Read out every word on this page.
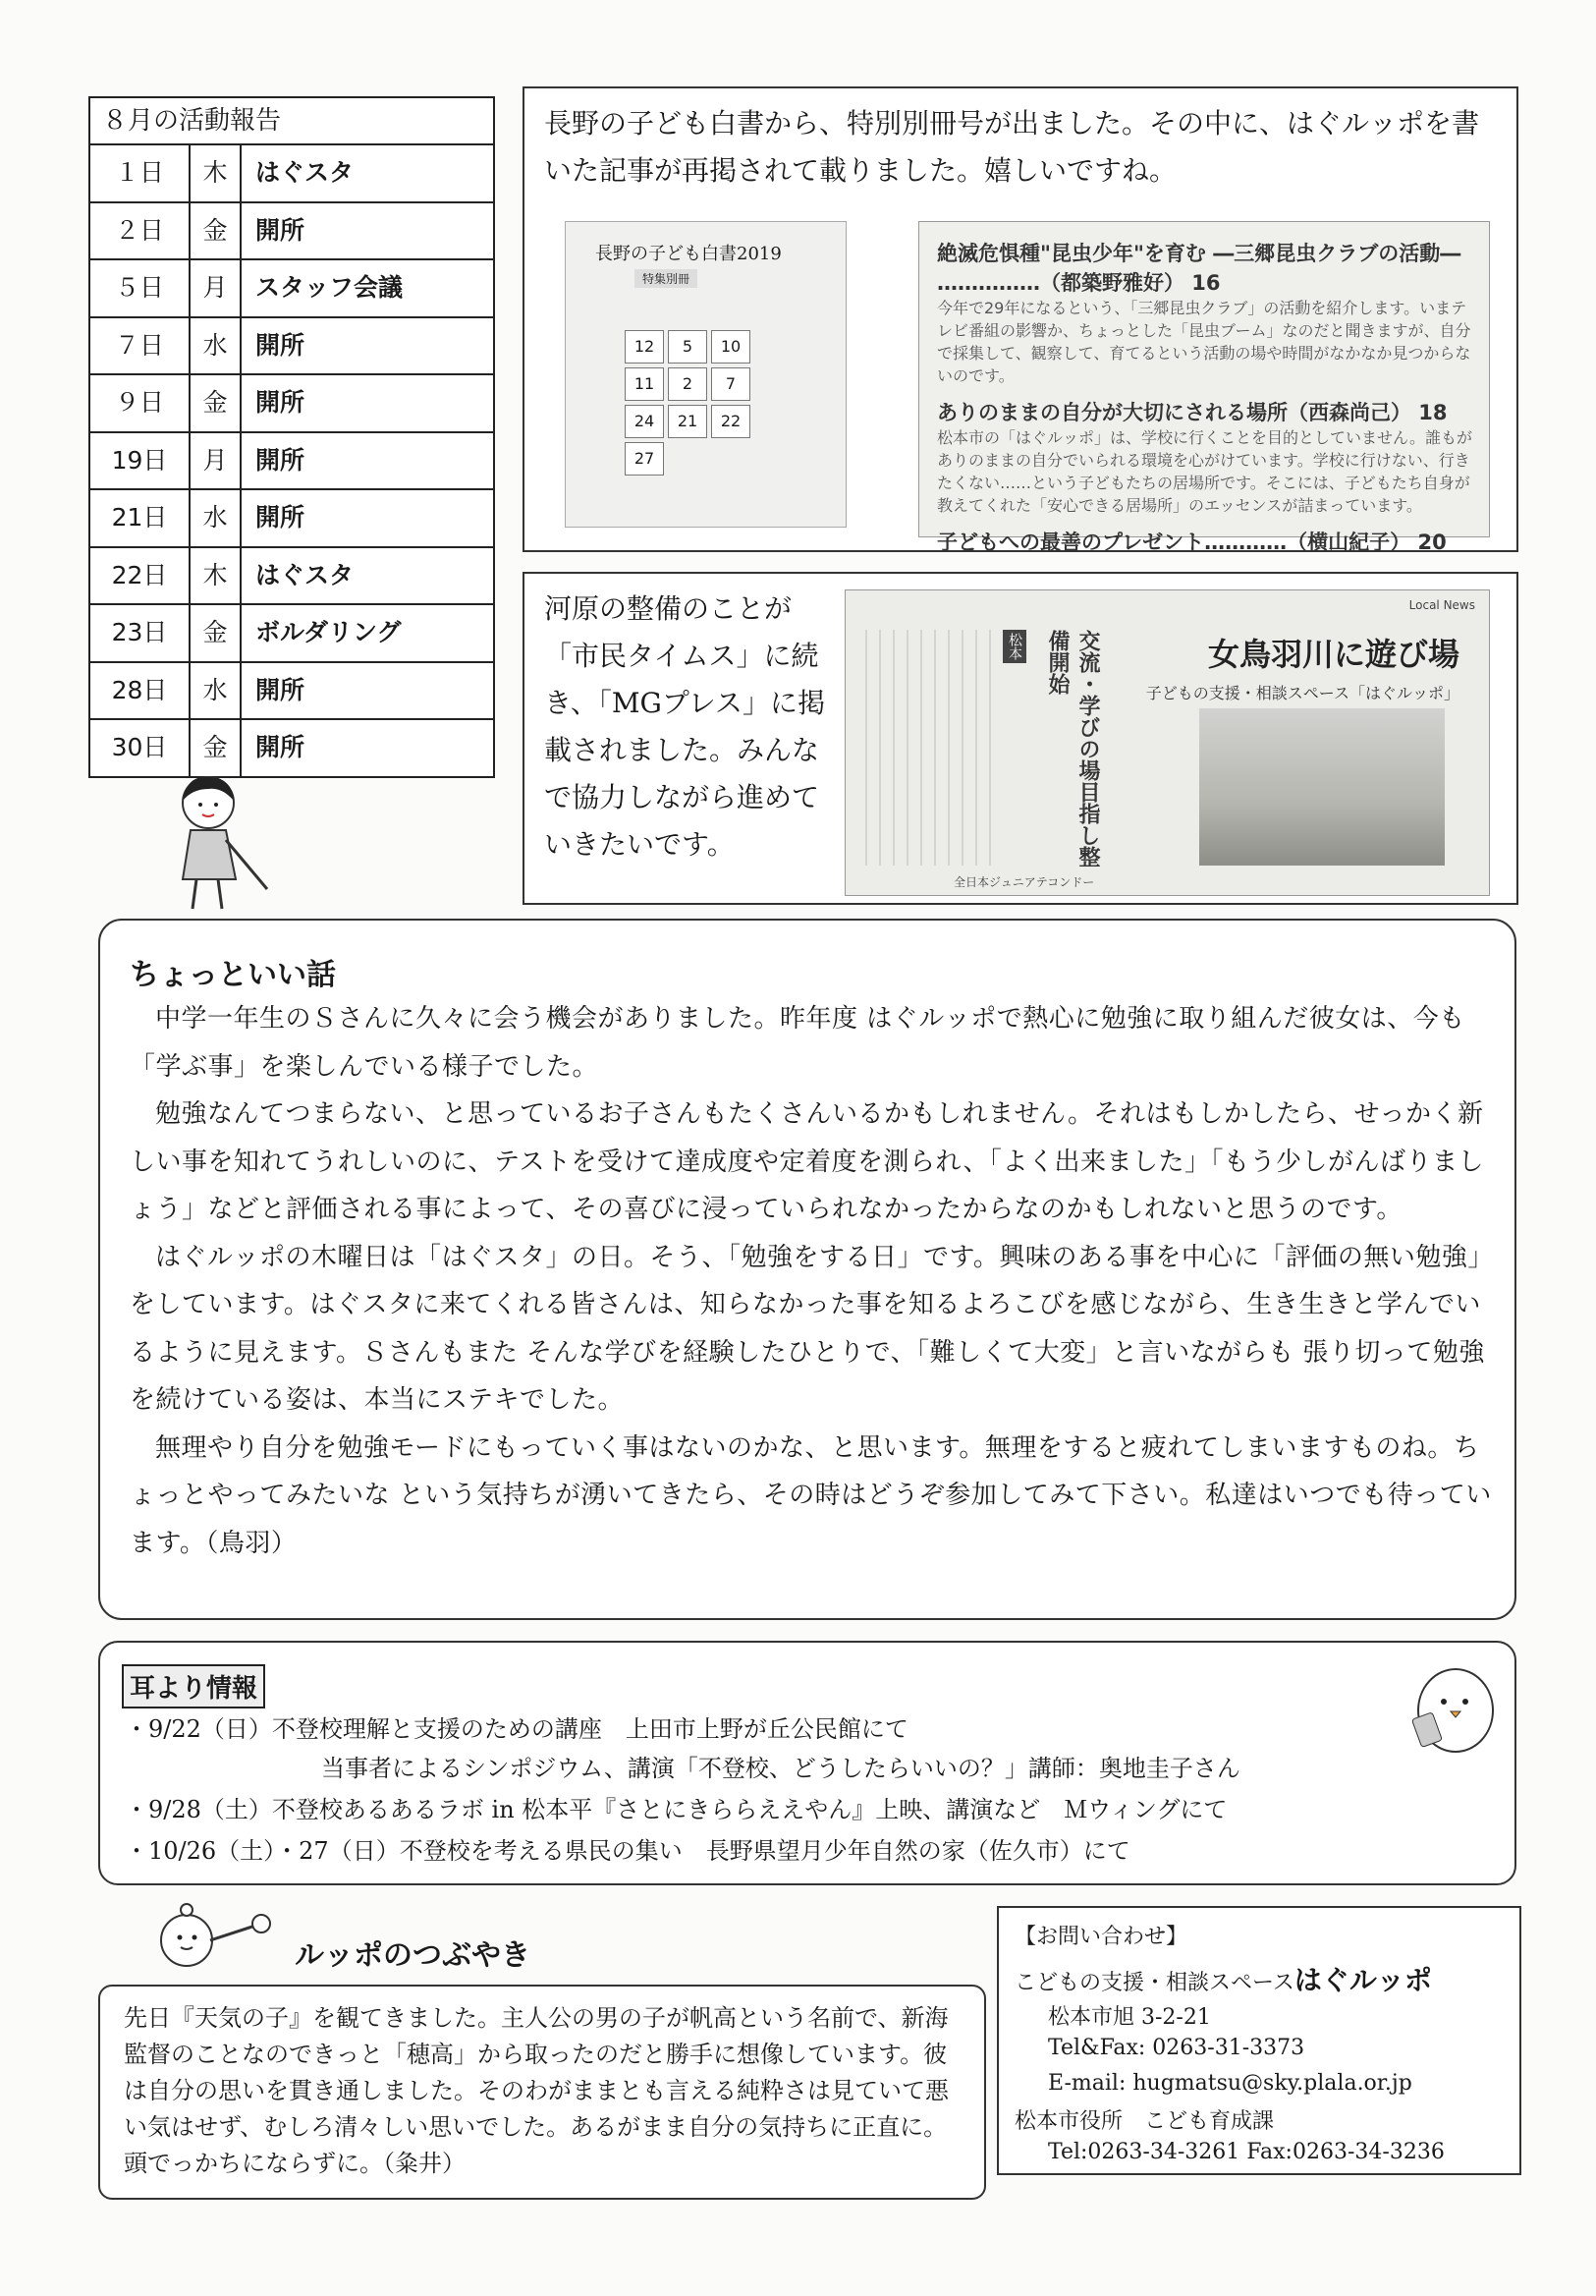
８月の活動報告
１日	木	はぐスタ
２日	金	開所
５日	月	スタッフ会議
７日	水	開所
９日	金	開所
19日	月	開所
21日	水	開所
22日	木	はぐスタ
23日	金	ボルダリング
28日	水	開所
30日	金	開所
長野の子ども白書から、特別別冊号が出ました。その中に、はぐルッポを書いた記事が再掲されて載りました。嬉しいですね。
長野の子ども白書2019
特集別冊
12	5	10
11	2	7
24	21	22
27
絶滅危惧種"昆虫少年"を育む ―三郷昆虫クラブの活動― ……………（都築野雅好） 16
今年で29年になるという、「三郷昆虫クラブ」の活動を紹介します。いまテレビ番組の影響か、ちょっとした「昆虫ブーム」なのだと聞きますが、自分で採集して、観察して、育てるという活動の場や時間がなかなか見つからないのです。
ありのままの自分が大切にされる場所（西森尚己） 18
松本市の「はぐルッポ」は、学校に行くことを目的としていません。誰もがありのままの自分でいられる環境を心がけています。学校に行けない、行きたくない……という子どもたちの居場所です。そこには、子どもたち自身が教えてくれた「安心できる居場所」のエッセンスが詰まっています。
子どもへの最善のプレゼント…………（横山紀子） 20
河原の整備のことが「市民タイムス」に続き、「MGプレス」に掲載されました。みんなで協力しながら進めていきたいです。
Local News
女鳥羽川に遊び場
子どもの支援・相談スペース「はぐルッポ」
交流・学びの場目指し整備開始
松本
全日本ジュニアテコンドー
ちょっといい話

中学一年生のＳさんに久々に会う機会がありました。昨年度 はぐルッポで熱心に勉強に取り組んだ彼女は、今も「学ぶ事」を楽しんでいる様子でした。

勉強なんてつまらない、と思っているお子さんもたくさんいるかもしれません。それはもしかしたら、せっかく新しい事を知れてうれしいのに、テストを受けて達成度や定着度を測られ、「よく出来ました」「もう少しがんばりましょう」などと評価される事によって、その喜びに浸っていられなかったからなのかもしれないと思うのです。

はぐルッポの木曜日は「はぐスタ」の日。そう、「勉強をする日」です。興味のある事を中心に「評価の無い勉強」をしています。はぐスタに来てくれる皆さんは、知らなかった事を知るよろこびを感じながら、生き生きと学んでいるように見えます。Ｓさんもまた そんな学びを経験したひとりで、「難しくて大変」と言いながらも 張り切って勉強を続けている姿は、本当にステキでした。

無理やり自分を勉強モードにもっていく事はないのかな、と思います。無理をすると疲れてしまいますものね。ちょっとやってみたいな という気持ちが湧いてきたら、その時はどうぞ参加してみて下さい。私達はいつでも待っています。（鳥羽）

耳より情報
・9/22（日）不登校理解と支援のための講座　上田市上野が丘公民館にて
当事者によるシンポジウム、講演「不登校、どうしたらいいの？」講師：奥地圭子さん
・9/28（土）不登校あるあるラボ in 松本平『さとにきららええやん』上映、講演など　Ｍウィングにて
・10/26（土）・27（日）不登校を考える県民の集い　長野県望月少年自然の家（佐久市）にて
ルッポのつぶやき
先日『天気の子』を観てきました。主人公の男の子が帆高という名前で、新海監督のことなのできっと「穂高」から取ったのだと勝手に想像しています。彼は自分の思いを貫き通しました。そのわがままとも言える純粋さは見ていて悪い気はせず、むしろ清々しい思いでした。あるがまま自分の気持ちに正直に。頭でっかちにならずに。（粂井）
【お問い合わせ】
こどもの支援・相談スペースはぐルッポ
松本市旭 3-2-21
Tel&Fax: 0263-31-3373
E-mail: hugmatsu@sky.plala.or.jp
松本市役所　こども育成課
Tel:0263-34-3261 Fax:0263-34-3236
